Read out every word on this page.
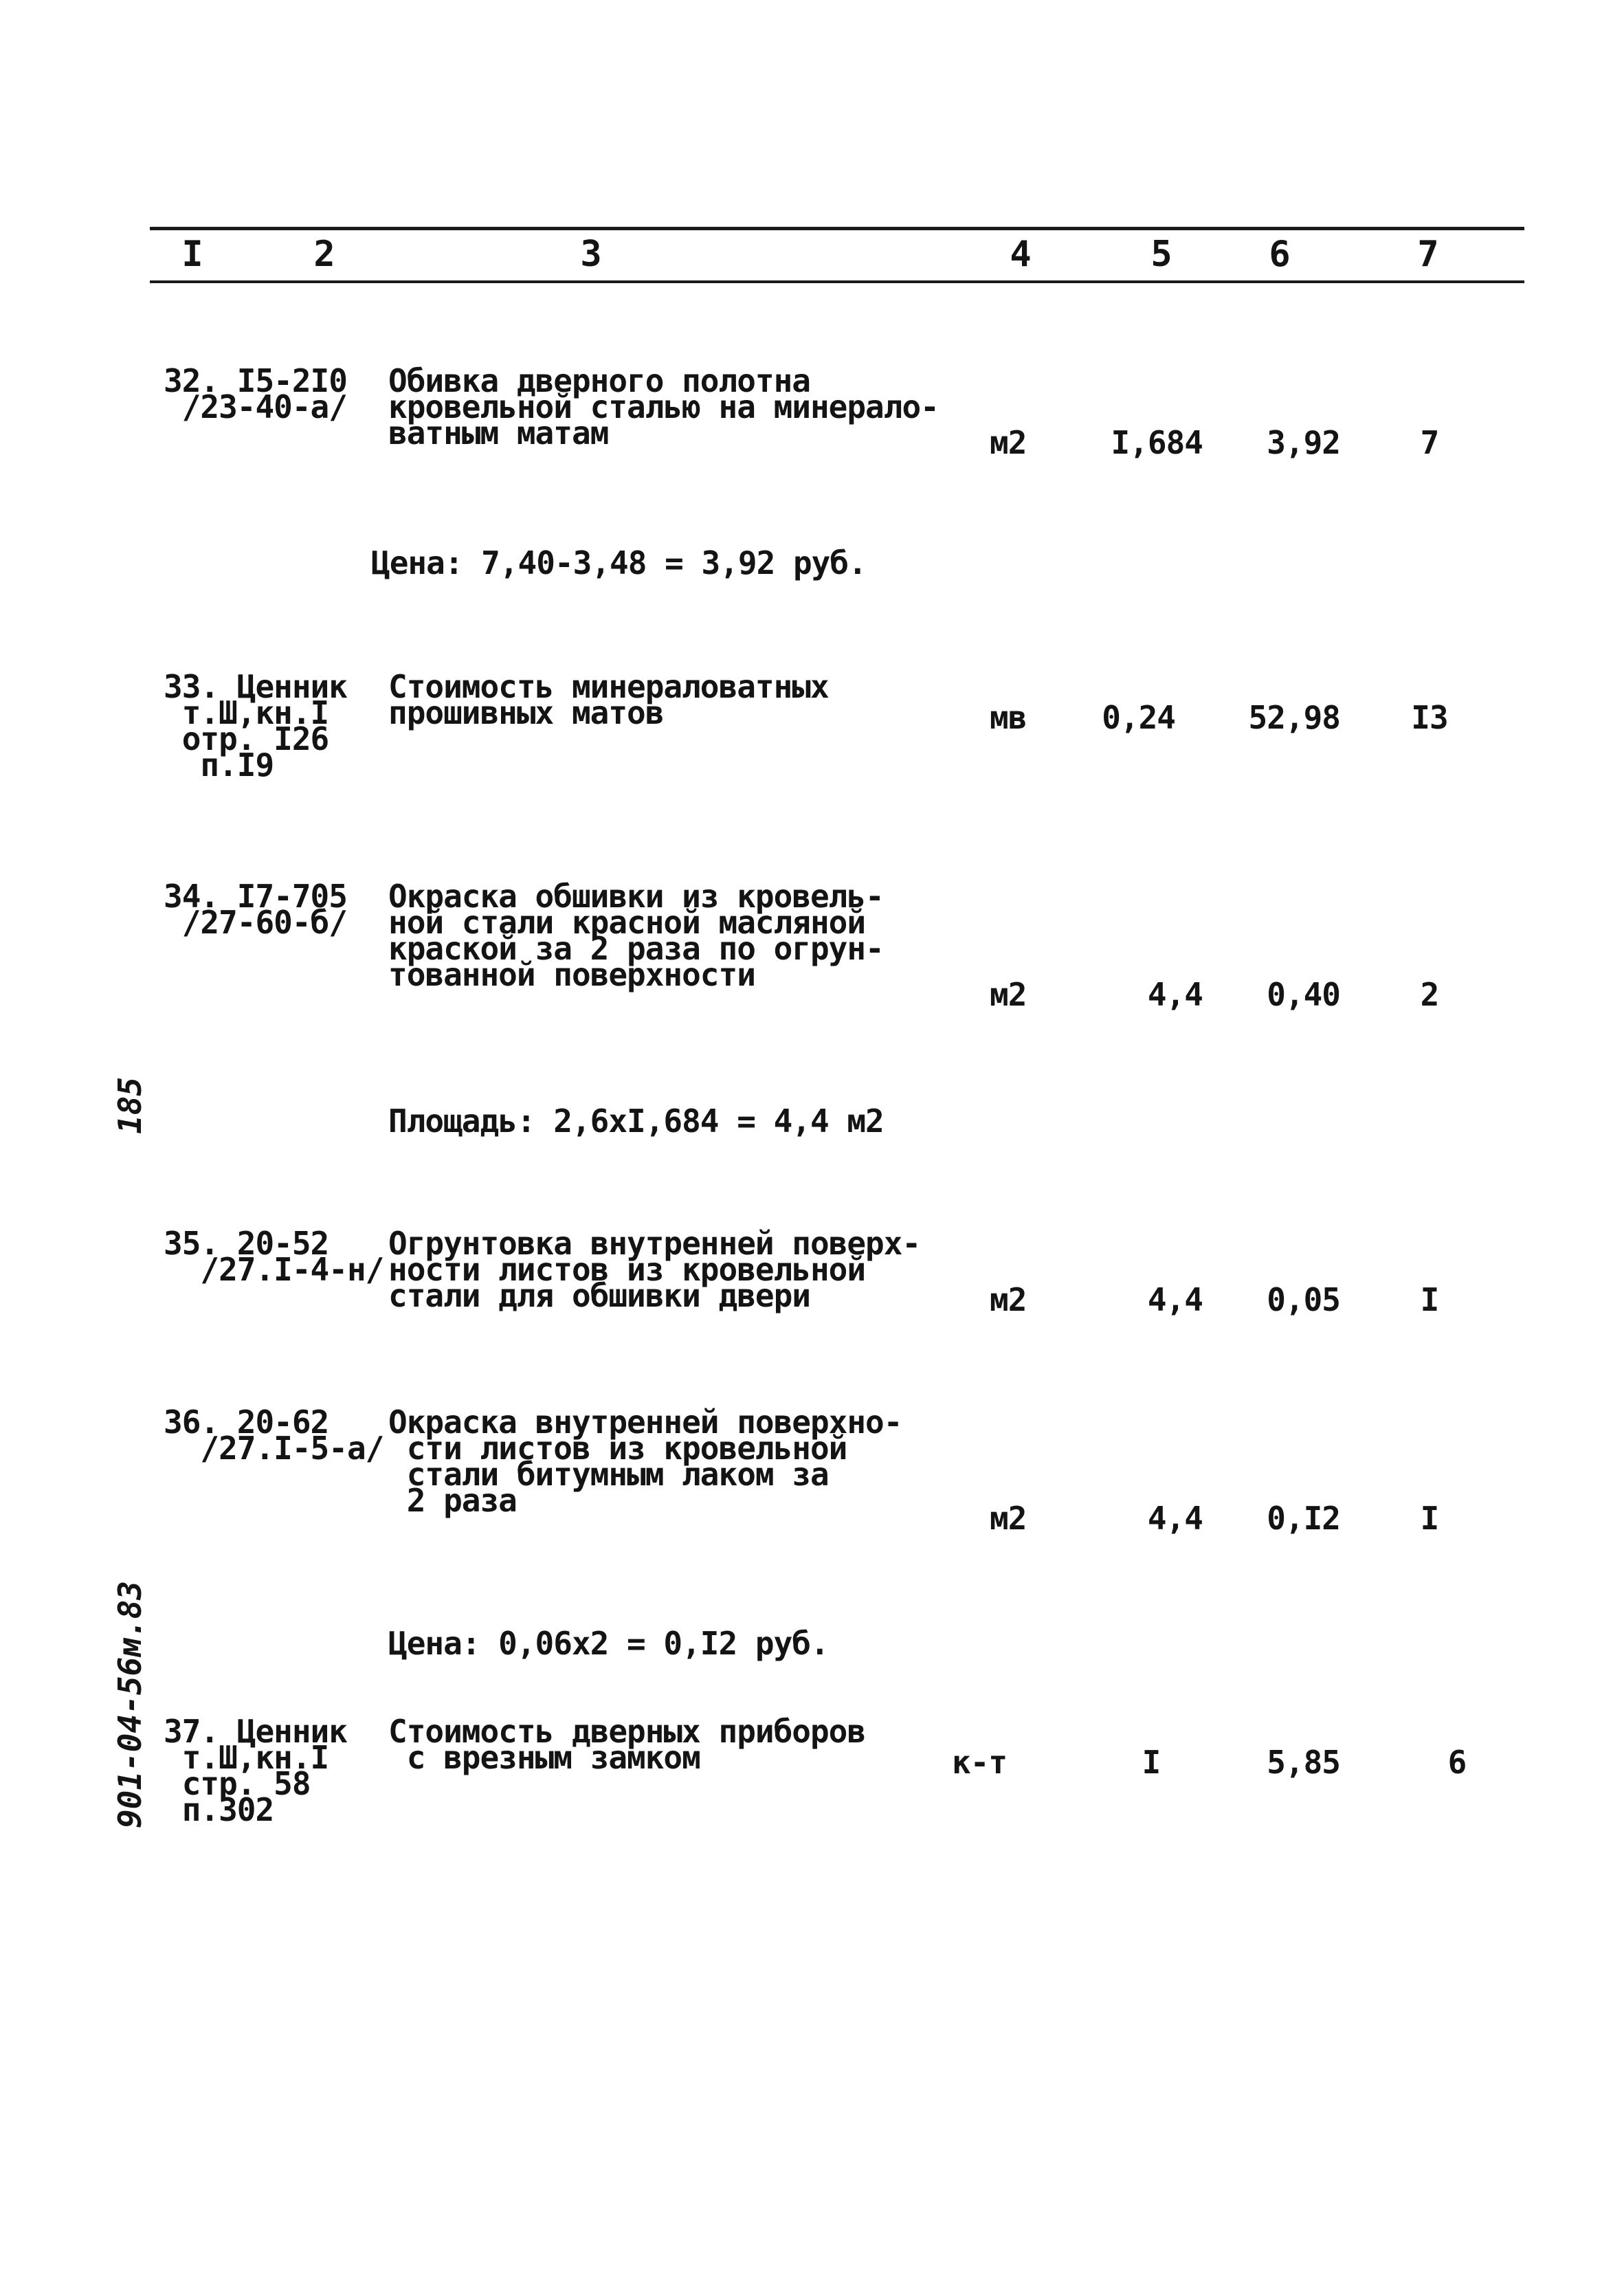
I	2	3	4	5	6	7
32. I5-2I0
/23-40-а/
Обивка дверного полотна
кровельной сталью на минерало-
ватным матам	м2	I,684	3,92	7
Цена: 7,40-3,48 = 3,92 руб.
33. Ценник
т.Ш,кн.I
отр. I26
п.I9
Стоимость минераловатных
прошивных матов	мв	0,24	52,98	I3
34. I7-705
/27-60-б/
Окраска обшивки из кровель-
ной стали красной масляной
краской за 2 раза по огрун-
тованной поверхности
м2	4,4	0,40	2
Площадь: 2,6xI,684 = 4,4 м2
35. 20-52
/27.I-4-н/
Огрунтовка внутренней поверх-
ности листов из кровельной
стали для обшивки двери	м2	4,4	0,05	I
36. 20-62
/27.I-5-а/
Окраска внутренней поверхно-
сти листов из кровельной
стали битумным лаком за
2 раза	м2	4,4	0,I2	I
Цена: 0,06x2 = 0,I2 руб.
37. Ценник
т.Ш,кн.I
стр. 58
п.302
Стоимость дверных приборов
с врезным замком	к-т	I	5,85	6
185
901-04-56м.83
